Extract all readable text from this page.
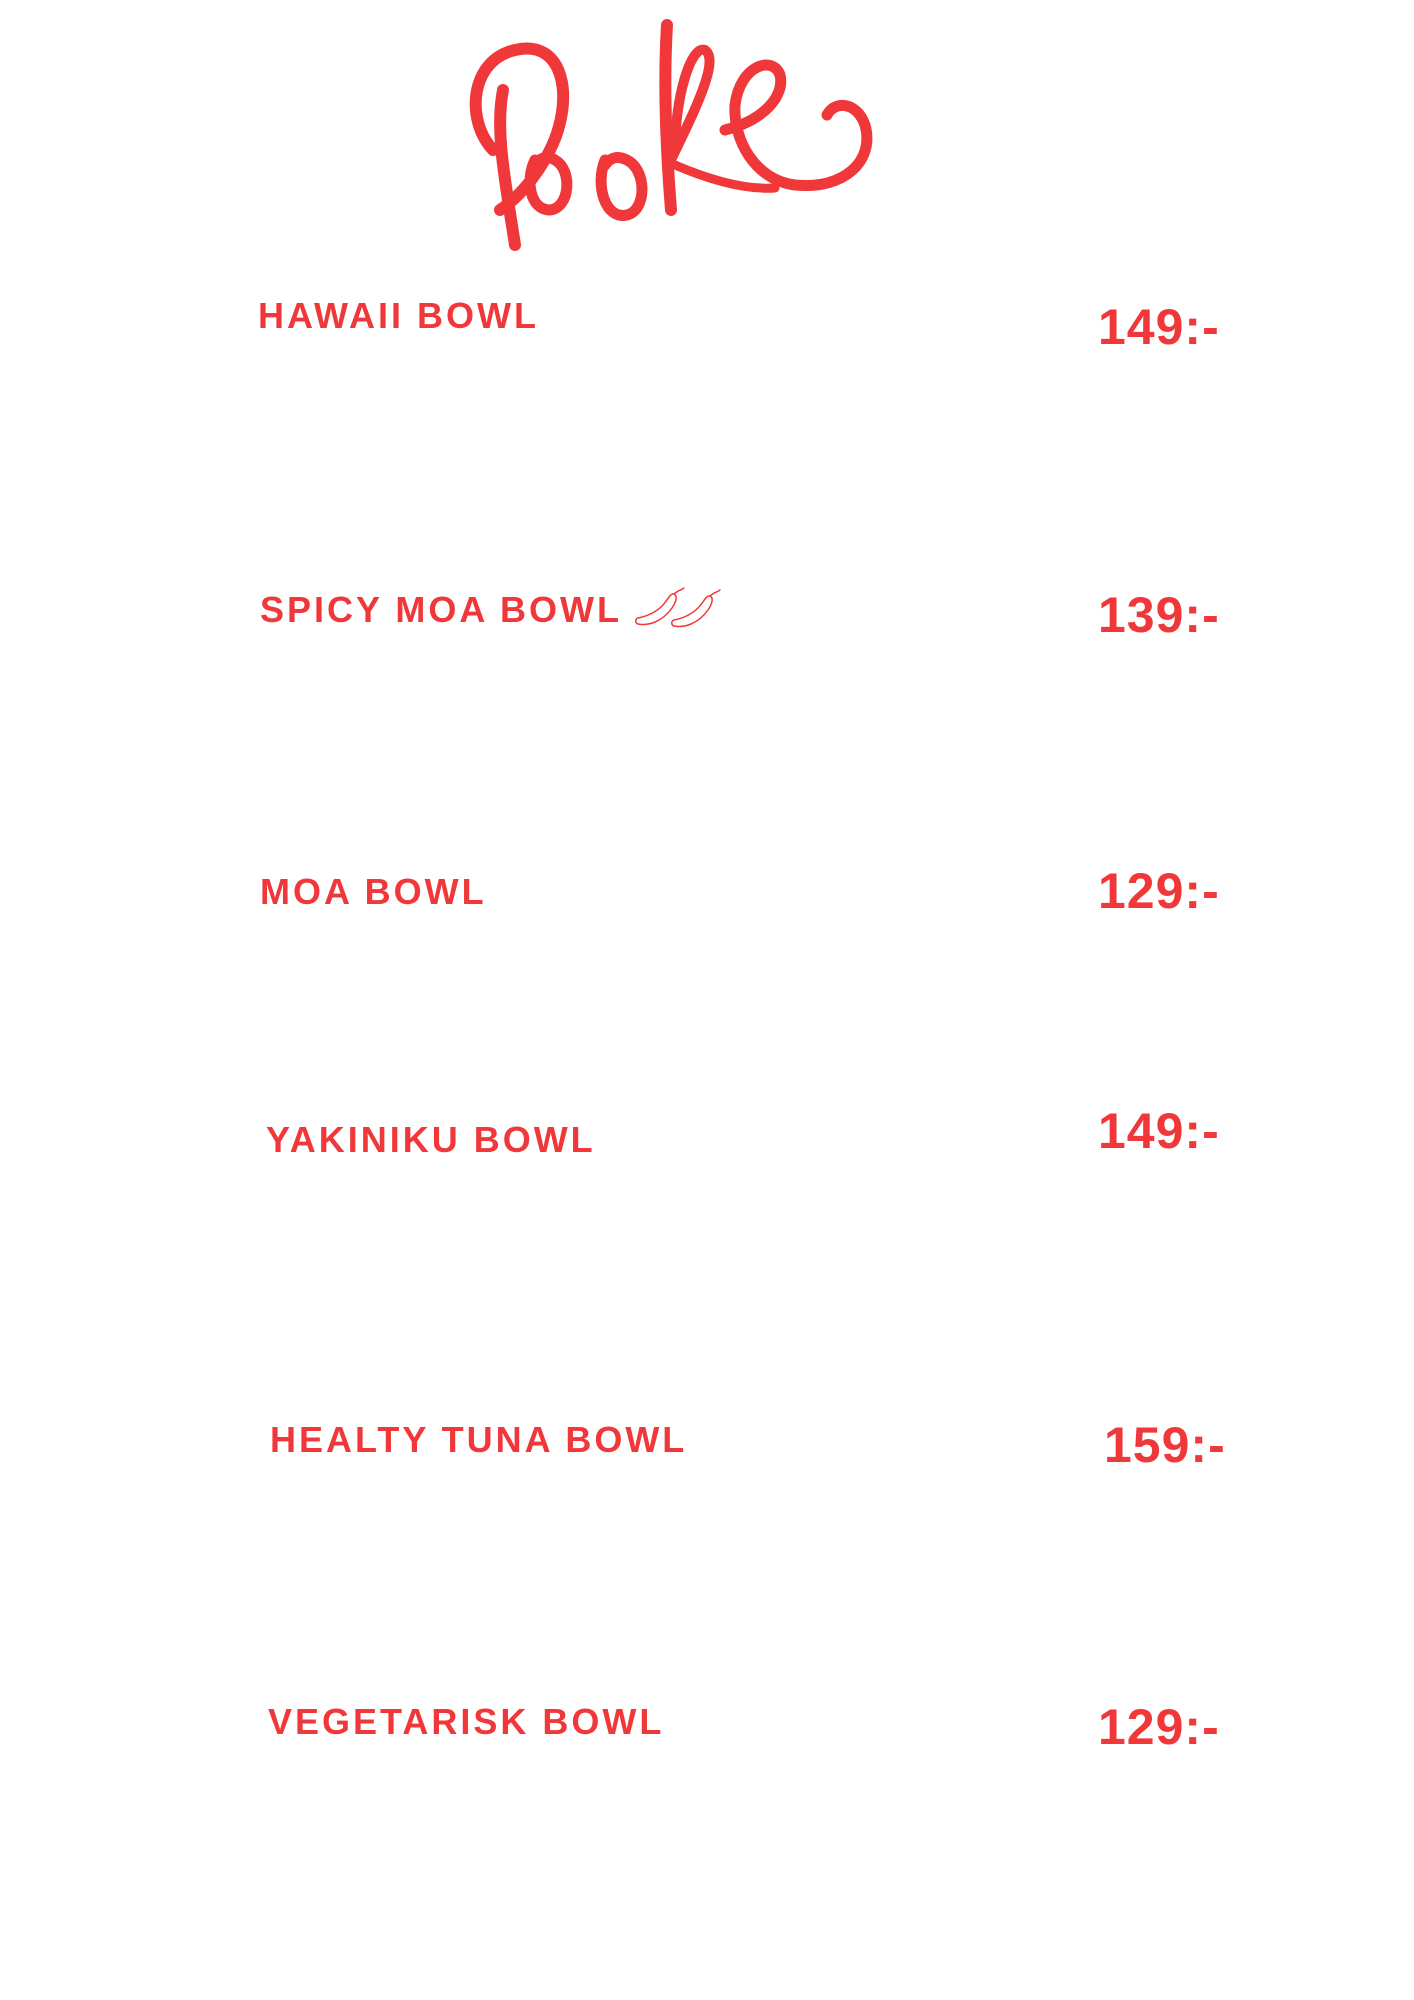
HAWAII BOWL	149:-
SPICY MOA BOWL	139:-
MOA BOWL	129:-
YAKINIKU BOWL	149:-
HEALTY TUNA BOWL	159:-
VEGETARISK BOWL	129:-
